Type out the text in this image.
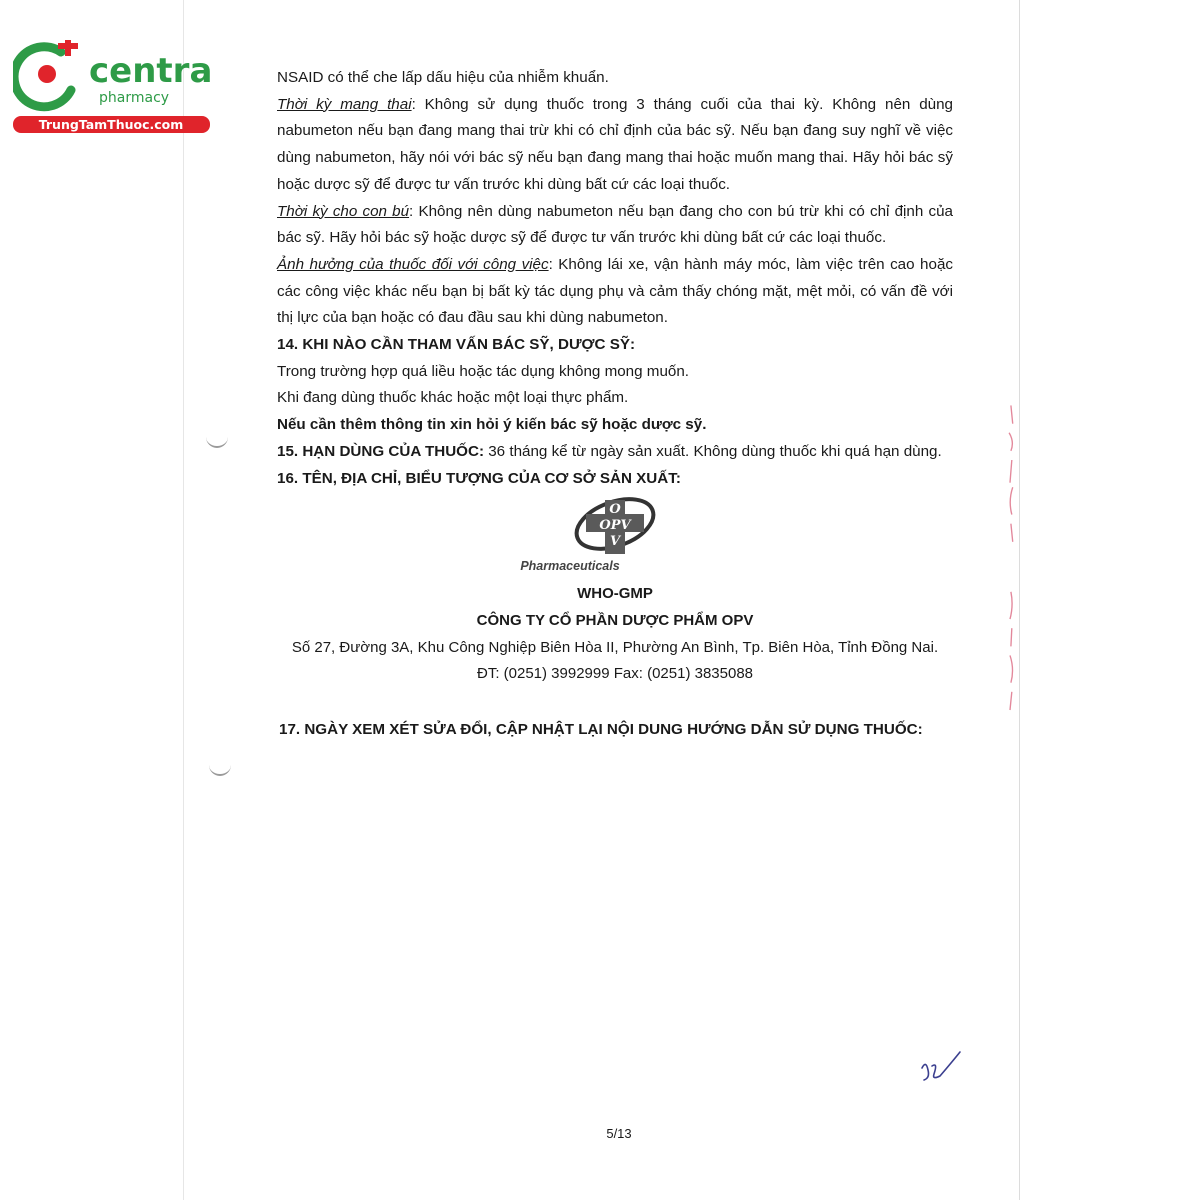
central
pharmacy
TrungTamThuoc.com

NSAID có thể che lấp dấu hiệu của nhiễm khuẩn.

Thời kỳ mang thai: Không sử dụng thuốc trong 3 tháng cuối của thai kỳ. Không nên dùng nabumeton nếu bạn đang mang thai trừ khi có chỉ định của bác sỹ. Nếu bạn đang suy nghĩ về việc dùng nabumeton, hãy nói với bác sỹ nếu bạn đang mang thai hoặc muốn mang thai. Hãy hỏi bác sỹ hoặc dược sỹ để được tư vấn trước khi dùng bất cứ các loại thuốc.

Thời kỳ cho con bú: Không nên dùng nabumeton nếu bạn đang cho con bú trừ khi có chỉ định của bác sỹ. Hãy hỏi bác sỹ hoặc dược sỹ để được tư vấn trước khi dùng bất cứ các loại thuốc.

Ảnh hưởng của thuốc đối với công việc: Không lái xe, vận hành máy móc, làm việc trên cao hoặc các công việc khác nếu bạn bị bất kỳ tác dụng phụ và cảm thấy chóng mặt, mệt mỏi, có vấn đề với thị lực của bạn hoặc có đau đầu sau khi dùng nabumeton.

14. KHI NÀO CẦN THAM VẤN BÁC SỸ, DƯỢC SỸ:

Trong trường hợp quá liều hoặc tác dụng không mong muốn.

Khi đang dùng thuốc khác hoặc một loại thực phẩm.

Nếu cần thêm thông tin xin hỏi ý kiến bác sỹ hoặc dược sỹ.

15. HẠN DÙNG CỦA THUỐC: 36 tháng kể từ ngày sản xuất. Không dùng thuốc khi quá hạn dùng.

16. TÊN, ĐỊA CHỈ, BIỂU TƯỢNG CỦA CƠ SỞ SẢN XUẤT:

O
OPV
V
Pharmaceuticals
WHO-GMP
CÔNG TY CỔ PHẦN DƯỢC PHẨM OPV
Số 27, Đường 3A, Khu Công Nghiệp Biên Hòa II, Phường An Bình, Tp. Biên Hòa, Tỉnh Đồng Nai.
ĐT: (0251) 3992999 Fax: (0251) 3835088

17. NGÀY XEM XÉT SỬA ĐỔI, CẬP NHẬT LẠI NỘI DUNG HƯỚNG DẪN SỬ DỤNG THUỐC:

5/13
